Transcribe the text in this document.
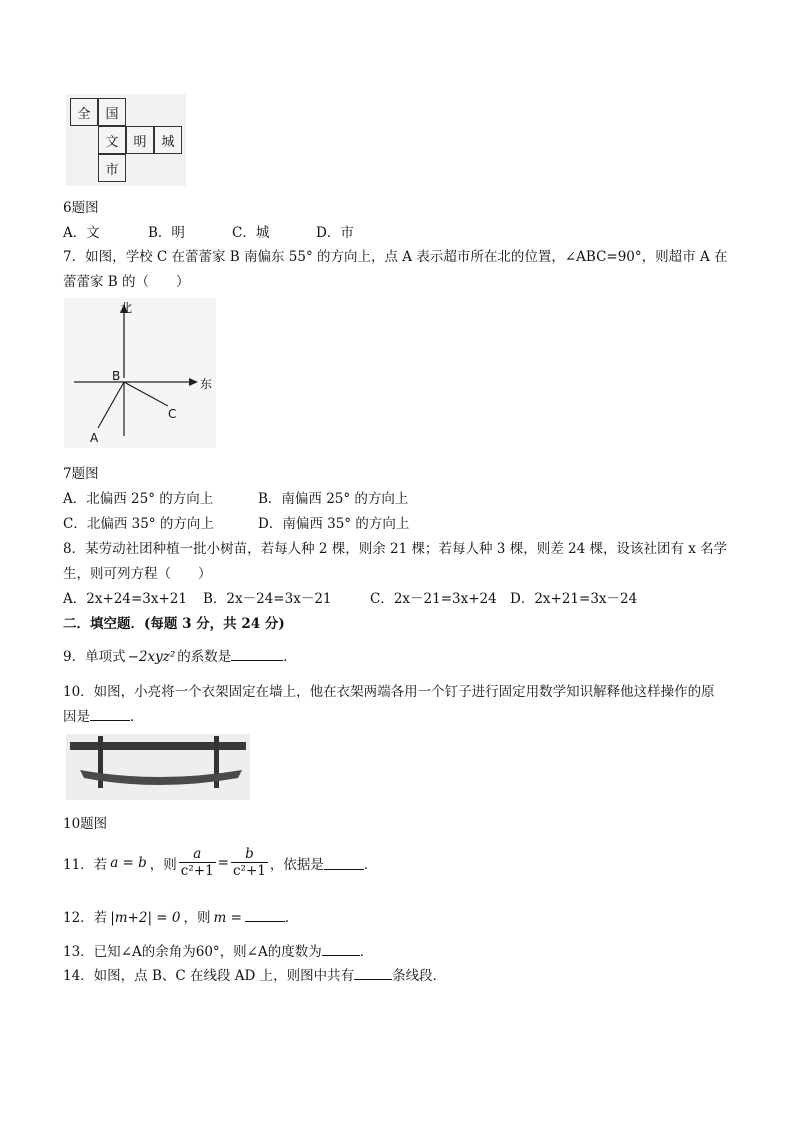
全	国
文	明	城
市
6题图
A．文	B．明	C．城	D．市
7．如图，学校 C 在蕾蕾家 B 南偏东 55° 的方向上，点 A 表示超市所在北的位置，∠ABC=90°，则超市 A 在
蕾蕾家 B 的（　　）
北
东
B
C
A
7题图
A．北偏西 25° 的方向上	B．南偏西 25° 的方向上
C．北偏西 35° 的方向上	D．南偏西 35° 的方向上
8．某劳动社团种植一批小树苗，若每人种 2 棵，则余 21 棵；若每人种 3 棵，则差 24 棵，设该社团有 x 名学
生，则可列方程（　　）
A．2x+24=3x+21 B．2x－24=3x－21	C．2x－21=3x+24 D．2x+21=3x－24
二．填空题．(每题 3 分，共 24 分)
9．单项式 −2xyz² 的系数是	．
10．如图，小亮将一个衣架固定在墙上，他在衣架两端各用一个钉子进行固定用数学知识解释他这样操作的原
因是	．
10题图
11．若 a = b ，则 $\frac{a}{\text{c²+1}} = \frac{b}{\text{c²+1}}$ ，依据是	．
12．若 |m+2| = 0 ，则 m =	．
13．已知∠A的余角为60°，则∠A的度数为	．
14．如图，点 B、C 在线段 AD 上，则图中共有	条线段．
